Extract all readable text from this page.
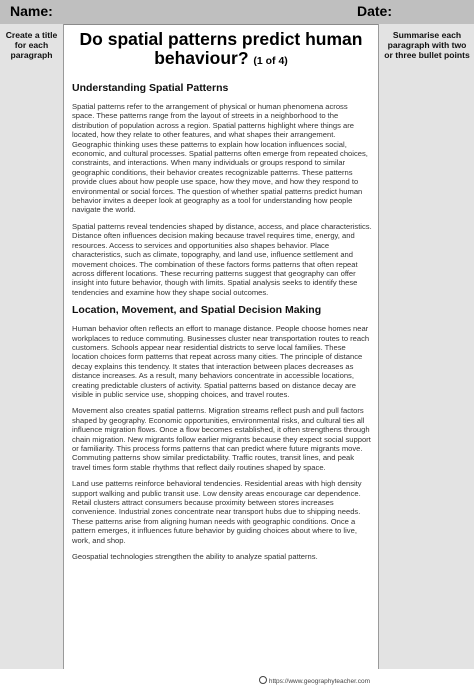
Name:	Date:
Create a title for each paragraph
Do spatial patterns predict human behaviour? (1 of 4)
Understanding Spatial Patterns

Spatial patterns refer to the arrangement of physical or human phenomena across space. These patterns range from the layout of streets in a neighborhood to the distribution of population across a region. Spatial patterns highlight where things are located, how they relate to other features, and what shapes their arrangement. Geographic thinking uses these patterns to explain how location influences social, economic, and cultural processes. Spatial patterns often emerge from repeated choices, constraints, and interactions. When many individuals or groups respond to similar geographic conditions, their behavior creates recognizable patterns. These patterns provide clues about how people use space, how they move, and how they respond to environmental or social forces. The question of whether spatial patterns predict human behavior invites a deeper look at geography as a tool for understanding how people navigate the world.

Spatial patterns reveal tendencies shaped by distance, access, and place characteristics. Distance often influences decision making because travel requires time, energy, and resources. Access to services and opportunities also shapes behavior. Place characteristics, such as climate, topography, and land use, influence settlement and movement choices. The combination of these factors forms patterns that often repeat across different locations. These recurring patterns suggest that geography can offer insight into future behavior, though with limits. Spatial analysis seeks to identify these tendencies and examine how they shape social outcomes.

Location, Movement, and Spatial Decision Making

Human behavior often reflects an effort to manage distance. People choose homes near workplaces to reduce commuting. Businesses cluster near transportation routes to reach customers. Schools appear near residential districts to serve local families. These location choices form patterns that repeat across many cities. The principle of distance decay explains this tendency. It states that interaction between places decreases as distance increases. As a result, many behaviors concentrate in accessible locations, creating predictable clusters of activity. Spatial patterns based on distance decay are visible in public service use, shopping choices, and travel routes.

Movement also creates spatial patterns. Migration streams reflect push and pull factors shaped by geography. Economic opportunities, environmental risks, and cultural ties all influence migration flows. Once a flow becomes established, it often strengthens through chain migration. New migrants follow earlier migrants because they expect social support or familiarity. This process forms patterns that can predict where future migrants move. Commuting patterns show similar predictability. Traffic routes, transit lines, and peak travel times form stable rhythms that reflect daily routines shaped by space.

Land use patterns reinforce behavioral tendencies. Residential areas with high density support walking and public transit use. Low density areas encourage car dependence. Retail clusters attract consumers because proximity between stores increases convenience. Industrial zones concentrate near transport hubs due to shipping needs. These patterns arise from aligning human needs with geographic conditions. Once a pattern emerges, it influences future behavior by guiding choices about where to live, work, and shop.

Geospatial technologies strengthen the ability to analyze spatial patterns.

https://www.geographyteacher.com
Summarise each paragraph with two or three bullet points
